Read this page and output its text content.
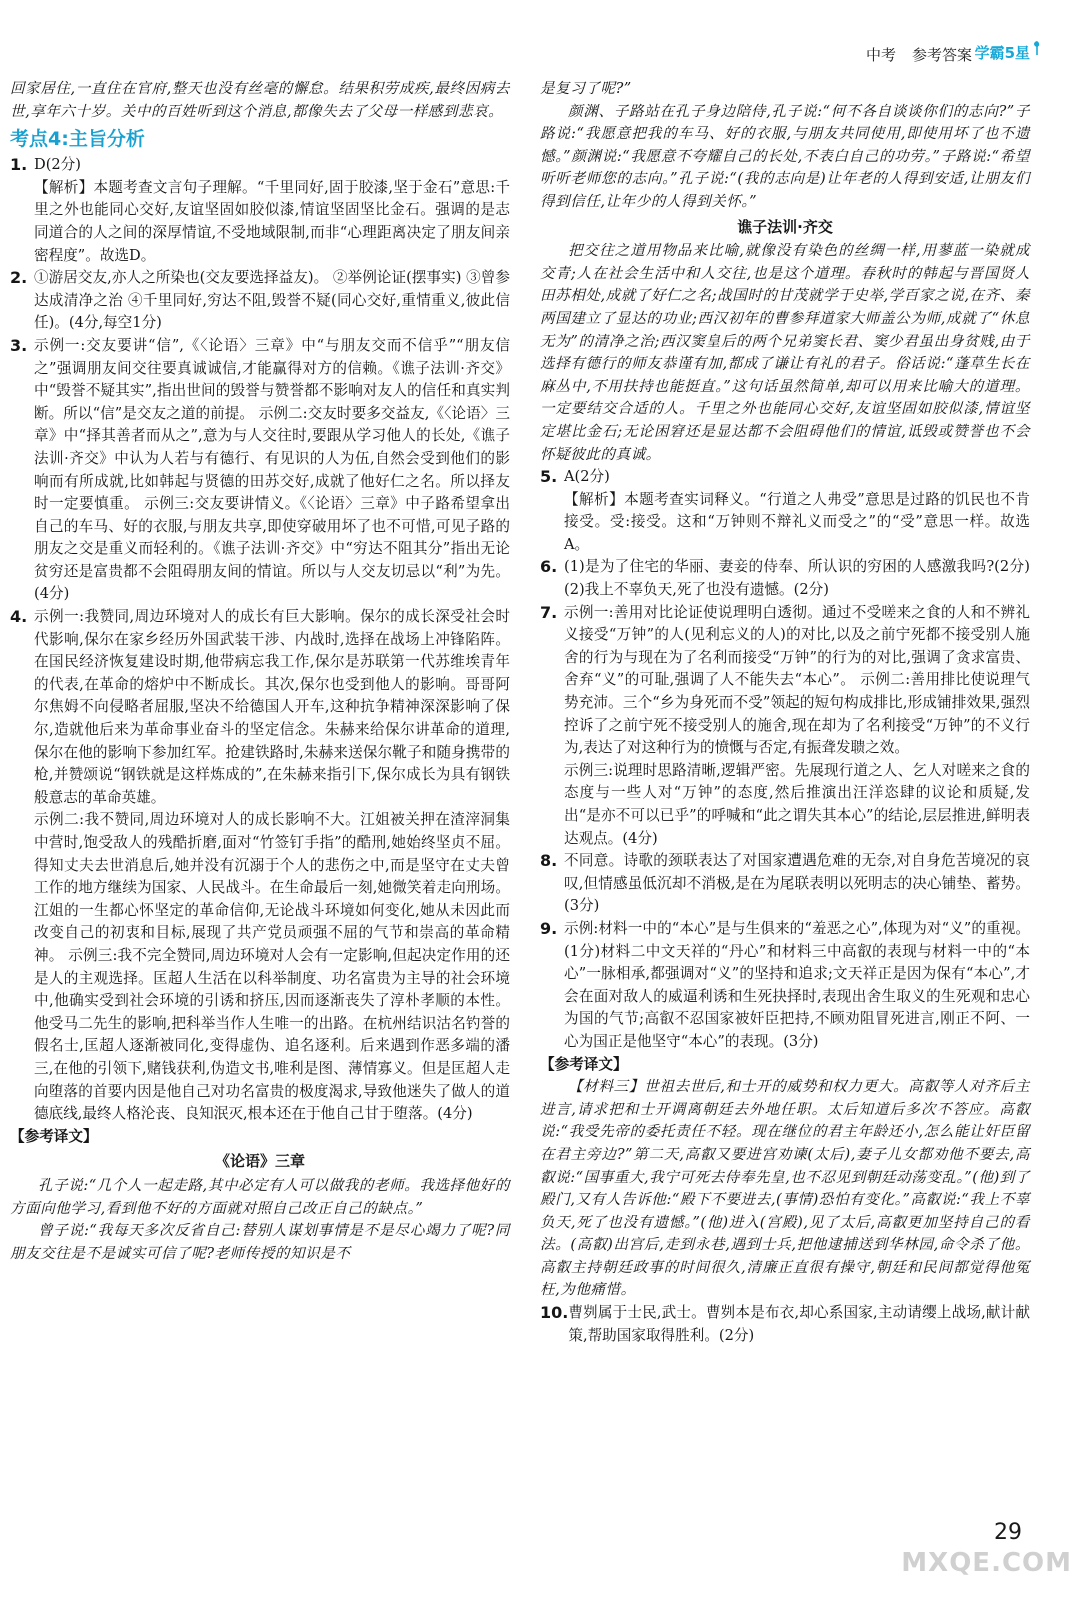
中考 参考答案 学霸5星

回家居住,一直住在官府,整天也没有丝毫的懈怠。结果积劳成疾,最终因病去世,享年六十岁。关中的百姓听到这个消息,都像失去了父母一样感到悲哀。

考点4:主旨分析
1. D(2分)

【解析】本题考查文言句子理解。“千里同好,固于胶漆,坚于金石”意思:千里之外也能同心交好,友谊坚固如胶似漆,情谊坚固坚比金石。强调的是志同道合的人之间的深厚情谊,不受地域限制,而非“心理距离决定了朋友间亲密程度”。故选D。

2. ①游居交友,亦人之所染也(交友要选择益友)。 ②举例论证(摆事实) ③曾参达成清净之治 ④千里同好,穷达不阻,毁誉不疑(同心交好,重情重义,彼此信任)。(4分,每空1分)
3. 示例一:交友要讲“信”,《〈论语〉三章》中“与朋友交而不信乎”“朋友信之”强调朋友间交往要真诚诚信,才能赢得对方的信赖。《谯子法训·齐交》中“毁誉不疑其实”,指出世间的毁誉与赞誉都不影响对友人的信任和真实判断。所以“信”是交友之道的前提。 示例二:交友时要多交益友,《〈论语〉三章》中“择其善者而从之”,意为与人交往时,要跟从学习他人的长处,《谯子法训·齐交》中认为人若与有德行、有见识的人为伍,自然会受到他们的影响而有所成就,比如韩起与贤德的田苏交好,成就了他好仁之名。所以择友时一定要慎重。 示例三:交友要讲情义。《〈论语〉三章》中子路希望拿出自己的车马、好的衣服,与朋友共享,即使穿破用坏了也不可惜,可见子路的朋友之交是重义而轻利的。《谯子法训·齐交》中“穷达不阻其分”指出无论贫穷还是富贵都不会阻碍朋友间的情谊。所以与人交友切忌以“利”为先。(4分)
4. 示例一:我赞同,周边环境对人的成长有巨大影响。保尔的成长深受社会时代影响,保尔在家乡经历外国武装干涉、内战时,选择在战场上冲锋陷阵。在国民经济恢复建设时期,他带病忘我工作,保尔是苏联第一代苏维埃青年的代表,在革命的熔炉中不断成长。其次,保尔也受到他人的影响。哥哥阿尔焦姆不向侵略者屈服,坚决不给德国人开车,这种抗争精神深深影响了保尔,造就他后来为革命事业奋斗的坚定信念。朱赫来给保尔讲革命的道理,保尔在他的影响下参加红军。抢建铁路时,朱赫来送保尔靴子和随身携带的枪,并赞颂说“钢铁就是这样炼成的”,在朱赫来指引下,保尔成长为具有钢铁般意志的革命英雄。

示例二:我不赞同,周边环境对人的成长影响不大。江姐被关押在渣滓洞集中营时,饱受敌人的残酷折磨,面对“竹签钉手指”的酷刑,她始终坚贞不屈。得知丈夫去世消息后,她并没有沉溺于个人的悲伤之中,而是坚守在丈夫曾工作的地方继续为国家、人民战斗。在生命最后一刻,她微笑着走向刑场。江姐的一生都心怀坚定的革命信仰,无论战斗环境如何变化,她从未因此而改变自己的初衷和目标,展现了共产党员顽强不屈的气节和崇高的革命精神。 示例三:我不完全赞同,周边环境对人会有一定影响,但起决定作用的还是人的主观选择。匡超人生活在以科举制度、功名富贵为主导的社会环境中,他确实受到社会环境的引诱和挤压,因而逐渐丧失了淳朴孝顺的本性。他受马二先生的影响,把科举当作人生唯一的出路。在杭州结识沽名钓誉的假名士,匡超人逐渐被同化,变得虚伪、追名逐利。后来遇到作恶多端的潘三,在他的引领下,赌钱获利,伪造文书,唯利是图、薄情寡义。但是匡超人走向堕落的首要内因是他自己对功名富贵的极度渴求,导致他迷失了做人的道德底线,最终人格沦丧、良知泯灭,根本还在于他自己甘于堕落。(4分)

【参考译文】
《论语》三章

孔子说:“几个人一起走路,其中必定有人可以做我的老师。我选择他好的方面向他学习,看到他不好的方面就对照自己改正自己的缺点。”

曾子说:“我每天多次反省自己:替别人谋划事情是不是尽心竭力了呢?同朋友交往是不是诚实可信了呢?老师传授的知识是不

是复习了呢?”

颜渊、子路站在孔子身边陪侍,孔子说:“何不各自谈谈你们的志向?”子路说:“我愿意把我的车马、好的衣服,与朋友共同使用,即使用坏了也不遗憾。”颜渊说:“我愿意不夸耀自己的长处,不表白自己的功劳。”子路说:“希望听听老师您的志向。”孔子说:“(我的志向是)让年老的人得到安适,让朋友们得到信任,让年少的人得到关怀。”

谯子法训·齐交

把交往之道用物品来比喻,就像没有染色的丝绸一样,用蓼蓝一染就成交青;人在社会生活中和人交往,也是这个道理。春秋时的韩起与晋国贤人田苏相处,成就了好仁之名;战国时的甘茂就学于史举,学百家之说,在齐、秦两国建立了显达的功业;西汉初年的曹参拜道家大师盖公为师,成就了“休息无为”的清净之治;西汉窦皇后的两个兄弟窦长君、窦少君虽出身贫贱,由于选择有德行的师友恭谨有加,都成了谦让有礼的君子。俗话说:“蓬草生长在麻丛中,不用扶持也能挺直。”这句话虽然简单,却可以用来比喻大的道理。一定要结交合适的人。千里之外也能同心交好,友谊坚固如胶似漆,情谊坚定堪比金石;无论困窘还是显达都不会阻碍他们的情谊,诋毁或赞誉也不会怀疑彼此的真诚。

5. A(2分)

【解析】本题考查实词释义。“行道之人弗受”意思是过路的饥民也不肯接受。受:接受。这和“万钟则不辩礼义而受之”的“受”意思一样。故选A。

6. (1)是为了住宅的华丽、妻妾的侍奉、所认识的穷困的人感激我吗?(2分) (2)我上不辜负天,死了也没有遗憾。(2分)
7. 示例一:善用对比论证使说理明白透彻。通过不受嗟来之食的人和不辨礼义接受“万钟”的人(见利忘义的人)的对比,以及之前宁死都不接受别人施舍的行为与现在为了名利而接受“万钟”的行为的对比,强调了贪求富贵、舍弃“义”的可耻,强调了人不能失去“本心”。 示例二:善用排比使说理气势充沛。三个“乡为身死而不受”领起的短句构成排比,形成铺排效果,强烈控诉了之前宁死不接受别人的施舍,现在却为了名利接受“万钟”的不义行为,表达了对这种行为的愤慨与否定,有振聋发聩之效。

示例三:说理时思路清晰,逻辑严密。先展现行道之人、乞人对嗟来之食的态度与一些人对“万钟”的态度,然后推演出汪洋恣肆的议论和质疑,发出“是亦不可以已乎”的呼喊和“此之谓失其本心”的结论,层层推进,鲜明表达观点。(4分)

8. 不同意。诗歌的颈联表达了对国家遭遇危难的无奈,对自身危苦境况的哀叹,但情感虽低沉却不消极,是在为尾联表明以死明志的决心铺垫、蓄势。(3分)
9. 示例:材料一中的“本心”是与生俱来的“羞恶之心”,体现为对“义”的重视。(1分)材料二中文天祥的“丹心”和材料三中高叡的表现与材料一中的“本心”一脉相承,都强调对“义”的坚持和追求;文天祥正是因为保有“本心”,才会在面对敌人的威逼利诱和生死抉择时,表现出舍生取义的生死观和忠心为国的气节;高叡不忍国家被奸臣把持,不顾劝阻冒死进言,刚正不阿、一心为国正是他坚守“本心”的表现。(3分)
【参考译文】

【材料三】世祖去世后,和士开的威势和权力更大。高叡等人对齐后主进言,请求把和士开调离朝廷去外地任职。太后知道后多次不答应。高叡说:“我受先帝的委托责任不轻。现在继位的君主年龄还小,怎么能让奸臣留在君主旁边?”第二天,高叡又要进宫劝谏(太后),妻子儿女都劝他不要去,高叡说:“国事重大,我宁可死去侍奉先皇,也不忍见到朝廷动荡变乱。”(他)到了殿门,又有人告诉他:“殿下不要进去,(事情)恐怕有变化。”高叡说:“我上不辜负天,死了也没有遗憾。”(他)进入(宫殿),见了太后,高叡更加坚持自己的看法。(高叡)出宫后,走到永巷,遇到士兵,把他逮捕送到华林园,命令杀了他。高叡主持朝廷政事的时间很久,清廉正直很有操守,朝廷和民间都觉得他冤枉,为他痛惜。

10. 曹刿属于士民,武士。曹刿本是布衣,却心系国家,主动请缨上战场,献计献策,帮助国家取得胜利。(2分)
29
MXQE.COM
